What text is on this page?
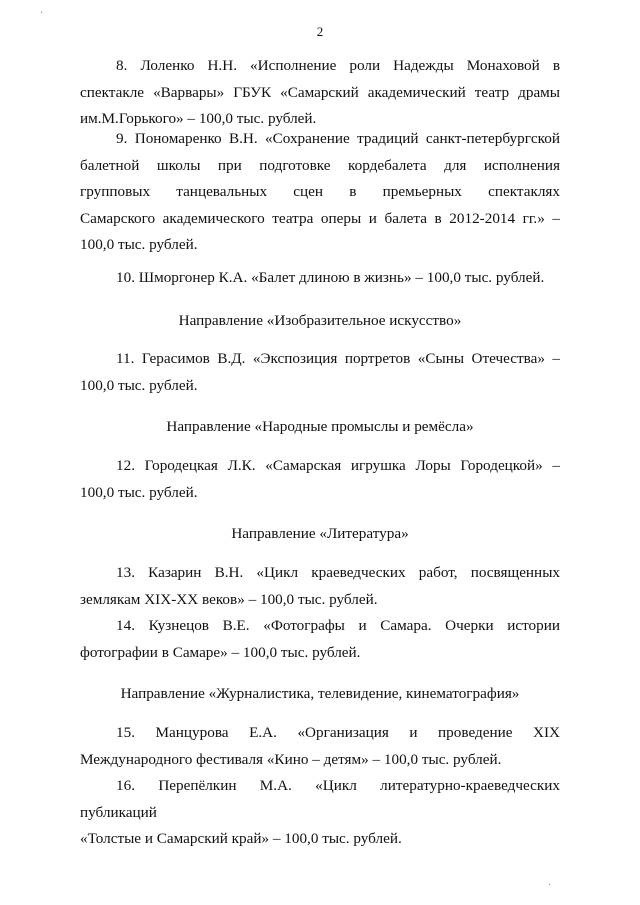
·
·
2

8. Лоленко Н.Н. «Исполнение роли Надежды Монаховой в

спектакле «Варвары» ГБУК «Самарский академический театр драмы

им.М.Горького» – 100,0 тыс. рублей.

9. Пономаренко В.Н. «Сохранение традиций санкт-петербургской

балетной школы при подготовке кордебалета для исполнения

групповых танцевальных сцен в премьерных спектаклях

Самарского академического театра оперы и балета в 2012-2014 гг.» –

100,0 тыс. рублей.

10. Шморгонер К.А. «Балет длиною в жизнь» – 100,0 тыс. рублей.

Направление «Изобразительное искусство»

11. Герасимов В.Д. «Экспозиция портретов «Сыны Отечества» –

100,0 тыс. рублей.

Направление «Народные промыслы и ремёсла»

12. Городецкая Л.К. «Самарская игрушка Лоры Городецкой» –

100,0 тыс. рублей.

Направление «Литература»

13. Казарин В.Н. «Цикл краеведческих работ, посвященных

землякам XIX-XX веков» – 100,0 тыс. рублей.

14. Кузнецов В.Е. «Фотографы и Самара. Очерки истории

фотографии в Самаре» – 100,0 тыс. рублей.

Направление «Журналистика, телевидение, кинематография»

15. Манцурова Е.А. «Организация и проведение XIX

Международного фестиваля «Кино – детям» – 100,0 тыс. рублей.

16. Перепёлкин М.А. «Цикл литературно-краеведческих публикаций

«Толстые и Самарский край» – 100,0 тыс. рублей.
